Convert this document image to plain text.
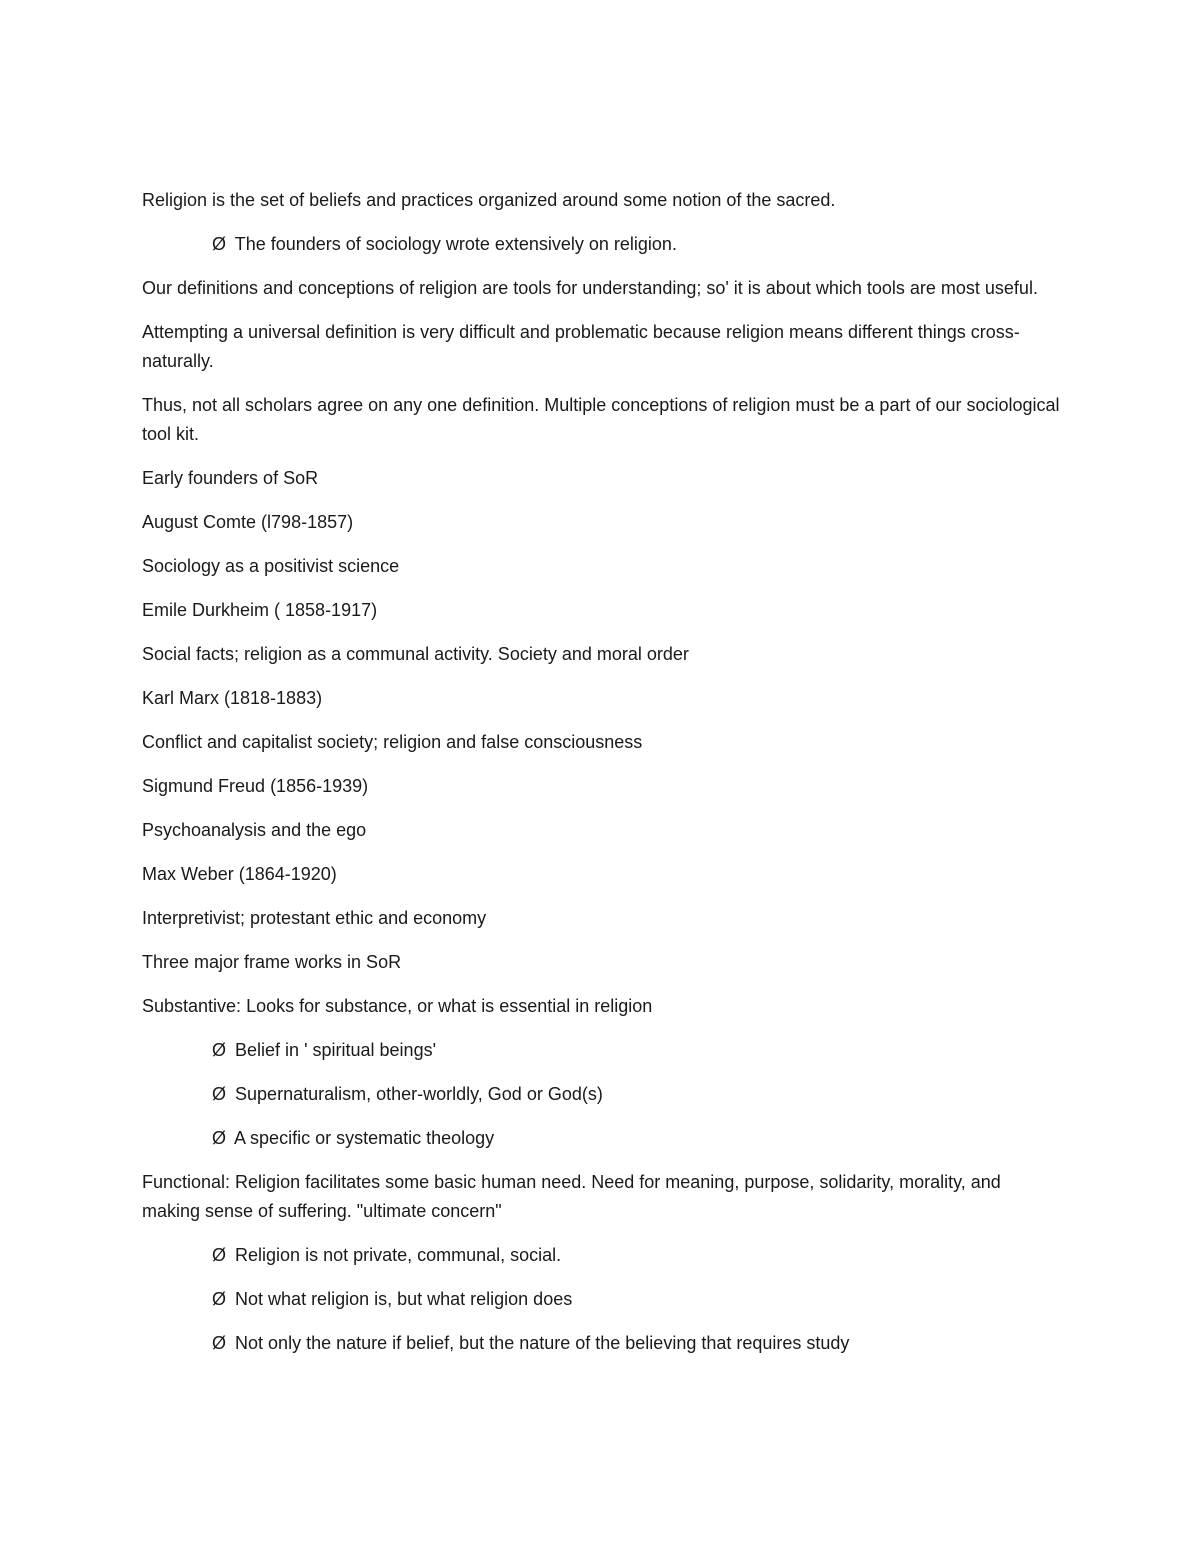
Religion is the set of beliefs and practices organized around some notion of the sacred.

Ø The founders of sociology wrote extensively on religion.

Our definitions and conceptions of religion are tools for understanding; so' it is about which tools are most useful.

Attempting a universal definition is very difficult and problematic because religion means different things cross-naturally.

Thus, not all scholars agree on any one definition. Multiple conceptions of religion must be a part of our sociological tool kit.

Early founders of SoR

August Comte (l798-1857)

Sociology as a positivist science

Emile Durkheim ( 1858-1917)

Social facts; religion as a communal activity. Society and moral order

Karl Marx (1818-1883)

Conflict and capitalist society; religion and false consciousness

Sigmund Freud (1856-1939)

Psychoanalysis and the ego

Max Weber (1864-1920)

Interpretivist; protestant ethic and economy

Three major frame works in SoR

Substantive: Looks for substance, or what is essential in religion

Ø Belief in ' spiritual beings'

Ø Supernaturalism, other-worldly, God or God(s)

Ø A specific or systematic theology

Functional: Religion facilitates some basic human need. Need for meaning, purpose, solidarity, morality, and making sense of suffering. "ultimate concern"

Ø Religion is not private, communal, social.

Ø Not what religion is, but what religion does

Ø Not only the nature if belief, but the nature of the believing that requires study
